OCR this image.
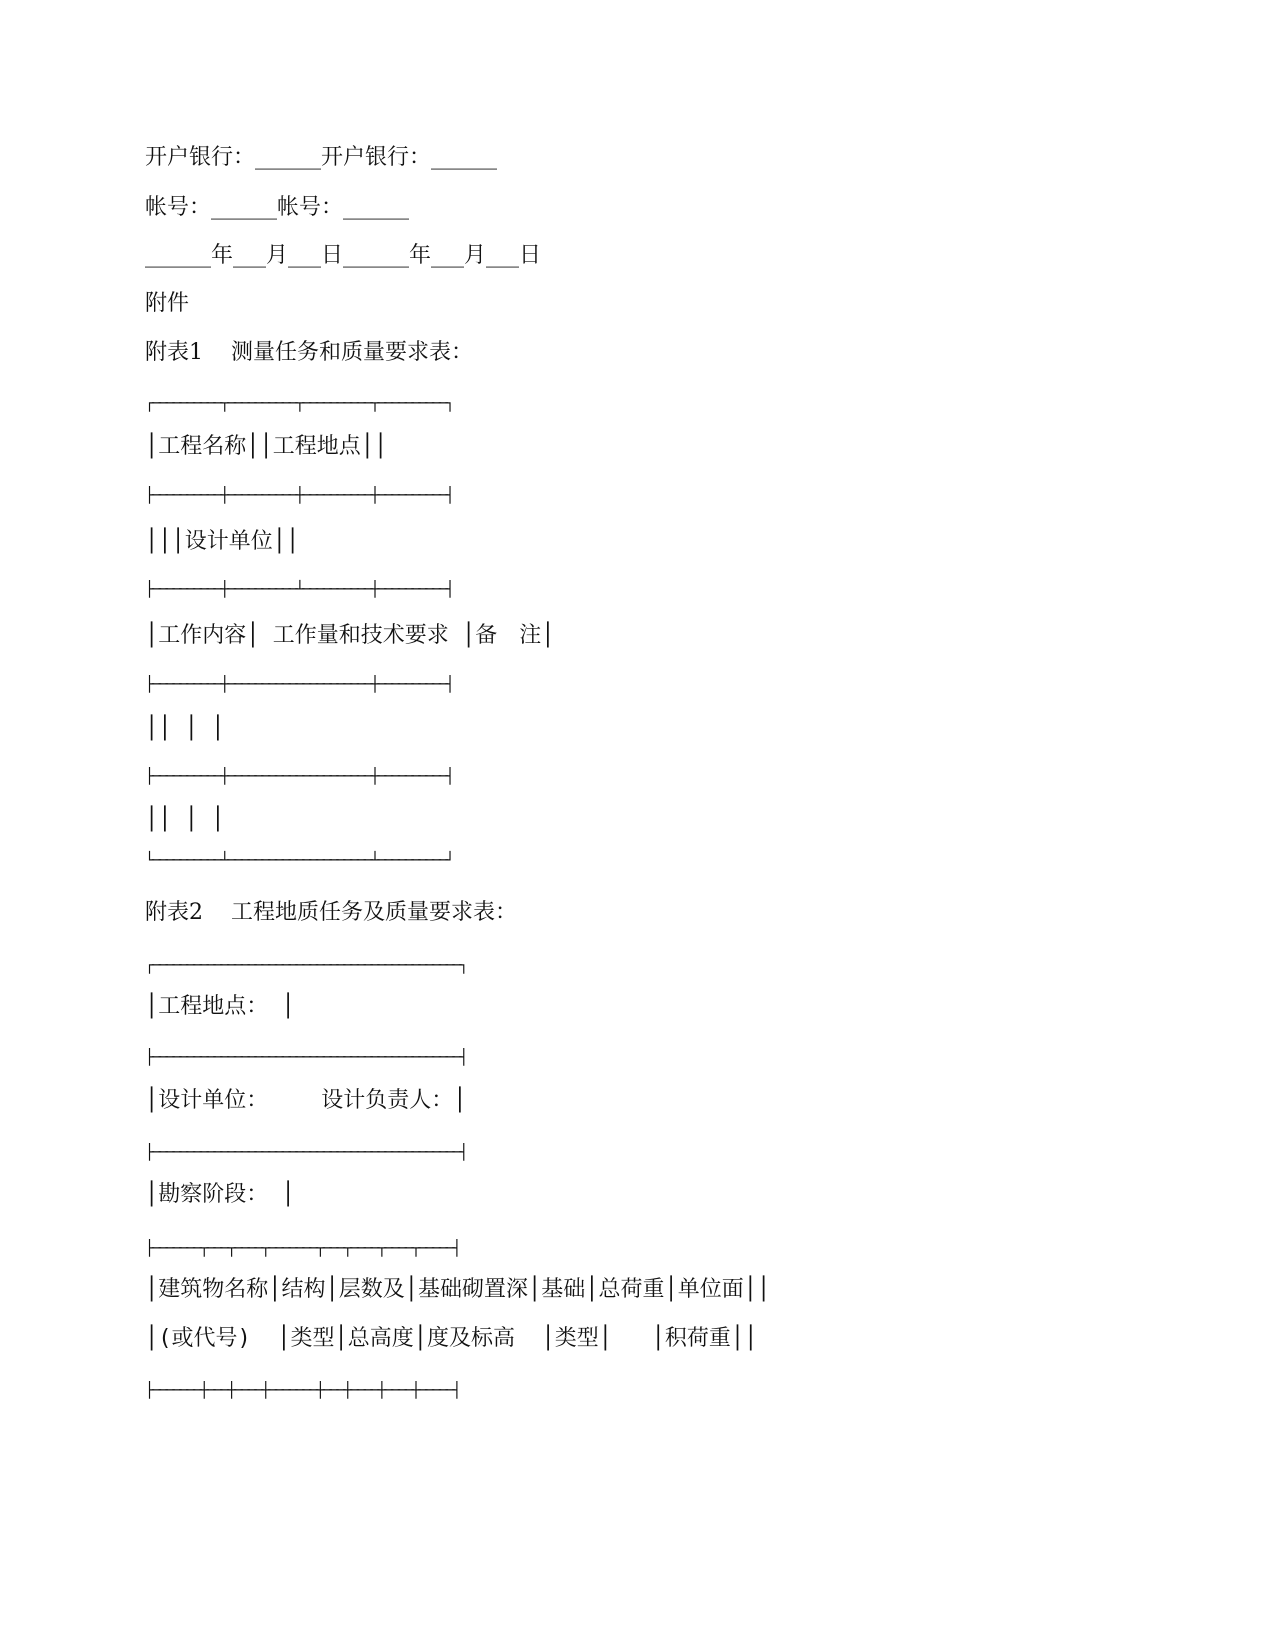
开户银行：______开户银行：______

帐号：______帐号：______

______年___月___日______年___月___日

附件

附表1    测量任务和质量要求表：

┌──────────┬──────────┬──────────┬──────────┐

│工程名称││工程地点││

├──────────┼──────────┼──────────┼──────────┤

│││设计单位││

├──────────┼──────────┴──────────┼──────────┤

│工作内容│ 工作量和技术要求 │备　注│

├──────────┼─────────────────────┼──────────┤

││ │ │

├──────────┼─────────────────────┼──────────┤

││ │ │

└──────────┴─────────────────────┴──────────┘

附表2    工程地质任务及质量要求表：

┌─────────────────────────────────────────────┐

│工程地点： │

├─────────────────────────────────────────────┤

│设计单位：    设计负责人：│

├─────────────────────────────────────────────┤

│勘察阶段： │

├───────┬───┬────┬───────┬───┬────┬────┬─────┤

│建筑物名称│结构│层数及│基础砌置深│基础│总荷重│单位面││

│(或代号)  │类型│总高度│度及标高  │类型│   │积荷重││

├───────┼───┼────┼───────┼───┼────┼────┼─────┤
